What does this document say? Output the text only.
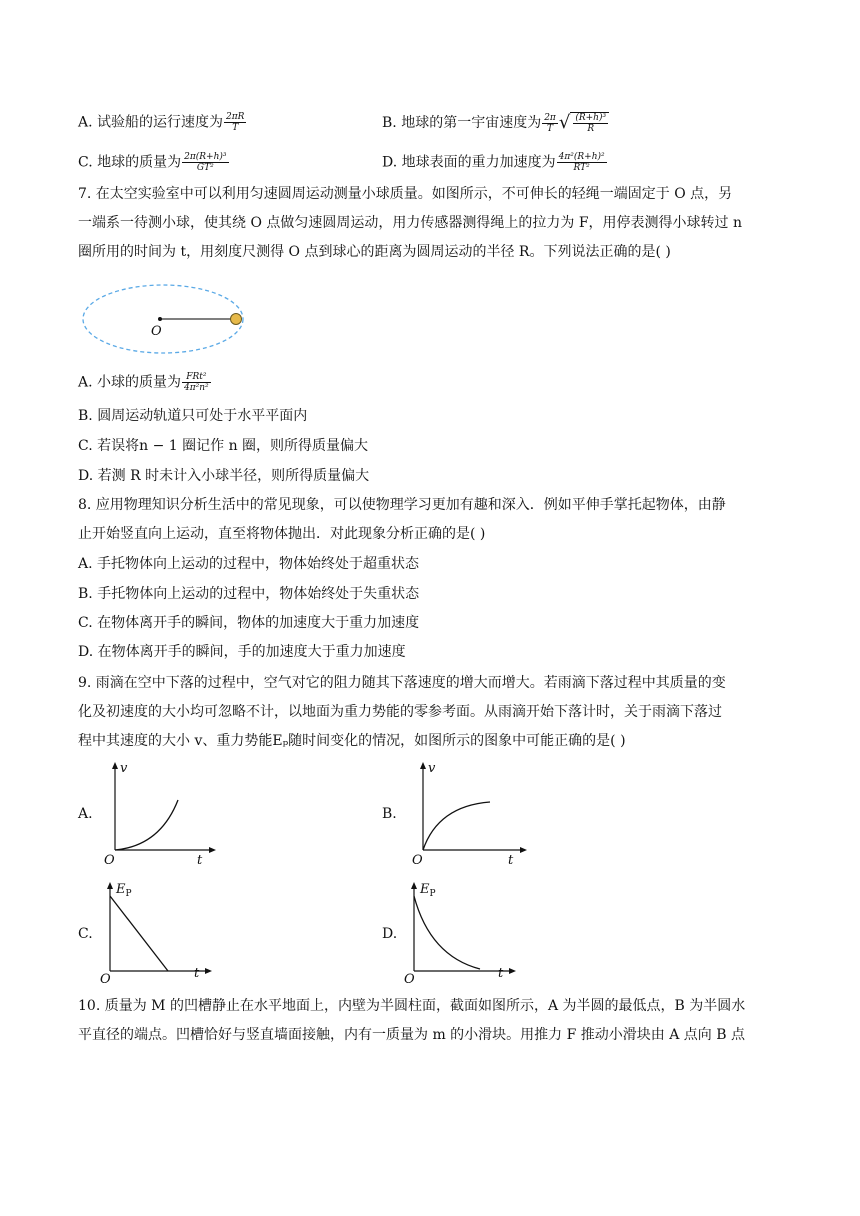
A. 试验船的运行速度为 $\frac{2\pi R}{T}$	B. 地球的第一宇宙速度为 $\frac{2\pi}{T}$ √ $\frac{\text{(R+h)³}}{R}$
C. 地球的质量为 $\frac{\text{2π(R+h)³}}{\text{GT²}}$	D. 地球表面的重力加速度为 $\frac{\text{4π²(R+h)²}}{\text{RT²}}$
7. 在太空实验室中可以利用匀速圆周运动测量小球质量。如图所示，不可伸长的轻绳一端固定于 O 点，另
一端系一待测小球，使其绕 O 点做匀速圆周运动，用力传感器测得绳上的拉力为 F，用停表测得小球转过 n
圈所用的时间为 t，用刻度尺测得 O 点到球心的距离为圆周运动的半径 R。下列说法正确的是( )
O
A. 小球的质量为 $\frac{\text{FRt²}}{\text{4π²n²}}$
B. 圆周运动轨道只可处于水平平面内
C. 若误将n − 1 圈记作 n 圈，则所得质量偏大
D. 若测 R 时未计入小球半径，则所得质量偏大
8. 应用物理知识分析生活中的常见现象，可以使物理学习更加有趣和深入．例如平伸手掌托起物体，由静
止开始竖直向上运动，直至将物体抛出．对此现象分析正确的是( )
A. 手托物体向上运动的过程中，物体始终处于超重状态
B. 手托物体向上运动的过程中，物体始终处于失重状态
C. 在物体离开手的瞬间，物体的加速度大于重力加速度
D. 在物体离开手的瞬间，手的加速度大于重力加速度
9. 雨滴在空中下落的过程中，空气对它的阻力随其下落速度的增大而增大。若雨滴下落过程中其质量的变
化及初速度的大小均可忽略不计，以地面为重力势能的零参考面。从雨滴开始下落计时，关于雨滴下落过
程中其速度的大小 v、重力势能Eₚ随时间变化的情况，如图所示的图象中可能正确的是( )
A.
v
t
O
B.
v
t
O
C.
$E_P$
t
O
D.
$E_P$
t
O
10. 质量为 M 的凹槽静止在水平地面上，内壁为半圆柱面，截面如图所示，A 为半圆的最低点，B 为半圆水
平直径的端点。凹槽恰好与竖直墙面接触，内有一质量为 m 的小滑块。用推力 F 推动小滑块由 A 点向 B 点
